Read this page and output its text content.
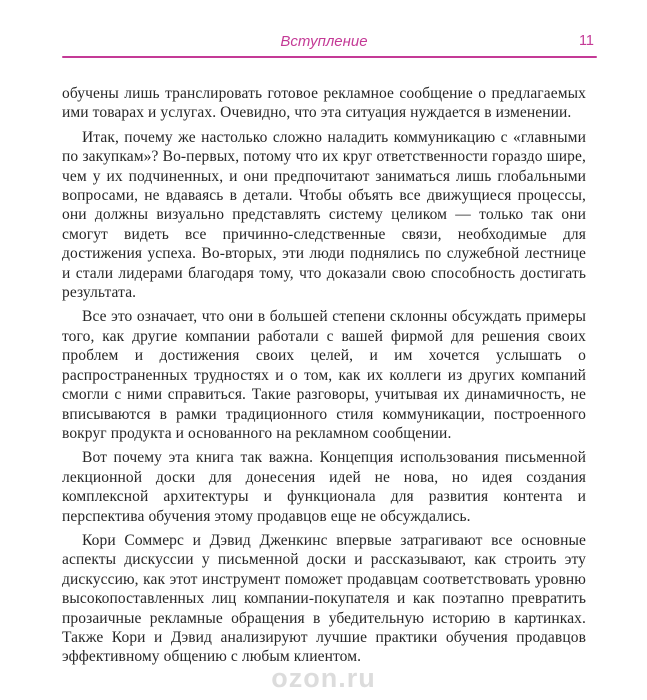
Вступление	11

обучены лишь транслировать готовое рекламное сообщение о предлагаемых ими товарах и услугах. Очевидно, что эта ситуация нуждается в изменении.

Итак, почему же настолько сложно наладить коммуникацию с «главными по закупкам»? Во-первых, потому что их круг ответственности гораздо шире, чем у их подчиненных, и они предпочитают заниматься лишь глобальными вопросами, не вдаваясь в детали. Чтобы объять все движущиеся процессы, они должны визуально представлять систему целиком — только так они смогут видеть все причинно-следственные связи, необходимые для достижения успеха. Во-вторых, эти люди поднялись по служебной лестнице и стали лидерами благодаря тому, что доказали свою способность достигать результата.

Все это означает, что они в большей степени склонны обсуждать примеры того, как другие компании работали с вашей фирмой для решения своих проблем и достижения своих целей, и им хочется услышать о распространенных трудностях и о том, как их коллеги из других компаний смогли с ними справиться. Такие разговоры, учитывая их динамичность, не вписываются в рамки традиционного стиля коммуникации, построенного вокруг продукта и основанного на рекламном сообщении.

Вот почему эта книга так важна. Концепция использования письменной лекционной доски для донесения идей не нова, но идея создания комплексной архитектуры и функционала для развития контента и перспектива обучения этому продавцов еще не обсуждались.

Кори Соммерс и Дэвид Дженкинс впервые затрагивают все основные аспекты дискуссии у письменной доски и рассказывают, как строить эту дискуссию, как этот инструмент поможет продавцам соответствовать уровню высокопоставленных лиц компании-покупателя и как поэтапно превратить прозаичные рекламные обращения в убедительную историю в картинках. Также Кори и Дэвид анализируют лучшие практики обучения продавцов эффективному общению с любым клиентом.

ozon.ru
